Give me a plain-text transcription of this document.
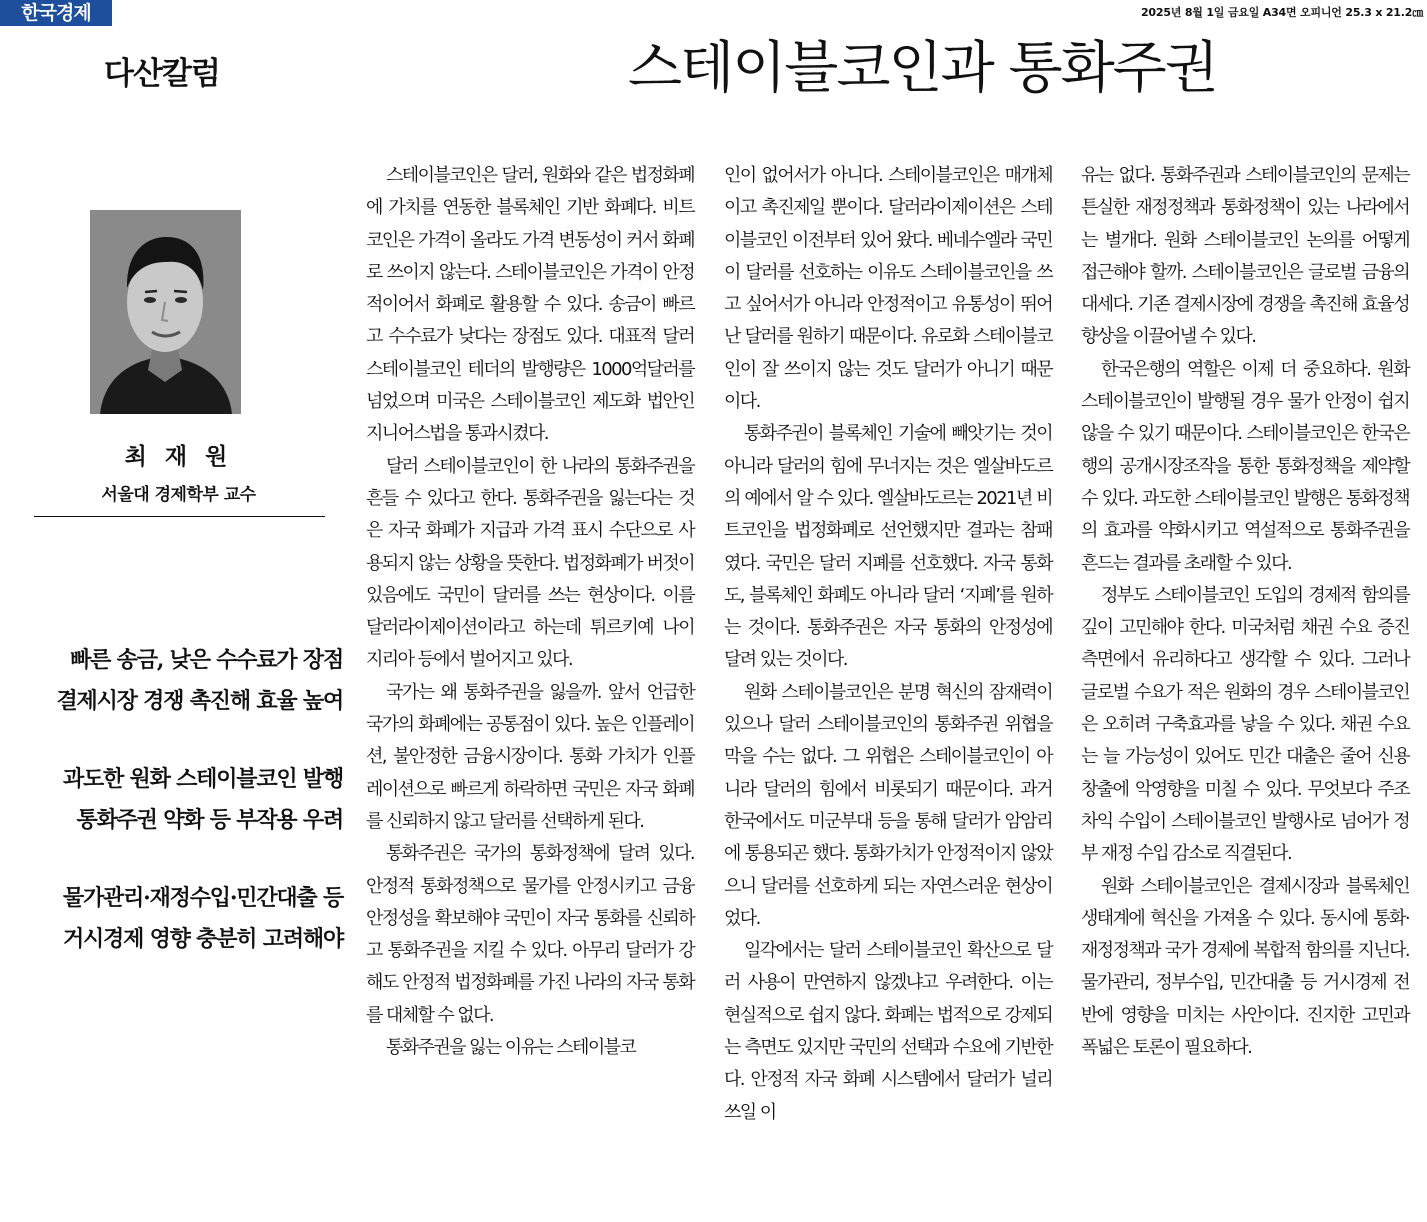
한국경제	2025년 8월 1일 금요일 A34면 오피니언 25.3 x 21.2㎝
다산칼럼	스테이블코인과 통화주권
최 재 원
서울대 경제학부 교수
빠른 송금, 낮은 수수료가 장점
결제시장 경쟁 촉진해 효율 높여
과도한 원화 스테이블코인 발행
통화주권 약화 등 부작용 우려
물가관리·재정수입·민간대출 등
거시경제 영향 충분히 고려해야

스테이블코인은 달러, 원화와 같은 법정화폐에 가치를 연동한 블록체인 기반 화폐다. 비트코인은 가격이 올라도 가격 변동성이 커서 화폐로 쓰이지 않는다. 스테이블코인은 가격이 안정적이어서 화폐로 활용할 수 있다. 송금이 빠르고 수수료가 낮다는 장점도 있다. 대표적 달러 스테이블코인 테더의 발행량은 1000억달러를 넘었으며 미국은 스테이블코인 제도화 법안인 지니어스법을 통과시켰다.

달러 스테이블코인이 한 나라의 통화주권을 흔들 수 있다고 한다. 통화주권을 잃는다는 것은 자국 화폐가 지급과 가격 표시 수단으로 사용되지 않는 상황을 뜻한다. 법정화폐가 버젓이 있음에도 국민이 달러를 쓰는 현상이다. 이를 달러라이제이션이라고 하는데 튀르키예 나이지리아 등에서 벌어지고 있다.

국가는 왜 통화주권을 잃을까. 앞서 언급한 국가의 화폐에는 공통점이 있다. 높은 인플레이션, 불안정한 금융시장이다. 통화 가치가 인플레이션으로 빠르게 하락하면 국민은 자국 화폐를 신뢰하지 않고 달러를 선택하게 된다.

통화주권은 국가의 통화정책에 달려 있다. 안정적 통화정책으로 물가를 안정시키고 금융 안정성을 확보해야 국민이 자국 통화를 신뢰하고 통화주권을 지킬 수 있다. 아무리 달러가 강해도 안정적 법정화폐를 가진 나라의 자국 통화를 대체할 수 없다.

통화주권을 잃는 이유는 스테이블코

인이 없어서가 아니다. 스테이블코인은 매개체이고 촉진제일 뿐이다. 달러라이제이션은 스테이블코인 이전부터 있어 왔다. 베네수엘라 국민이 달러를 선호하는 이유도 스테이블코인을 쓰고 싶어서가 아니라 안정적이고 유통성이 뛰어난 달러를 원하기 때문이다. 유로화 스테이블코인이 잘 쓰이지 않는 것도 달러가 아니기 때문이다.

통화주권이 블록체인 기술에 빼앗기는 것이 아니라 달러의 힘에 무너지는 것은 엘살바도르의 예에서 알 수 있다. 엘살바도르는 2021년 비트코인을 법정화폐로 선언했지만 결과는 참패였다. 국민은 달러 지폐를 선호했다. 자국 통화도, 블록체인 화폐도 아니라 달러 ‘지폐’를 원하는 것이다. 통화주권은 자국 통화의 안정성에 달려 있는 것이다.

원화 스테이블코인은 분명 혁신의 잠재력이 있으나 달러 스테이블코인의 통화주권 위협을 막을 수는 없다. 그 위협은 스테이블코인이 아니라 달러의 힘에서 비롯되기 때문이다. 과거 한국에서도 미군부대 등을 통해 달러가 암암리에 통용되곤 했다. 통화가치가 안정적이지 않았으니 달러를 선호하게 되는 자연스러운 현상이었다.

일각에서는 달러 스테이블코인 확산으로 달러 사용이 만연하지 않겠냐고 우려한다. 이는 현실적으로 쉽지 않다. 화폐는 법적으로 강제되는 측면도 있지만 국민의 선택과 수요에 기반한다. 안정적 자국 화폐 시스템에서 달러가 널리 쓰일 이

유는 없다. 통화주권과 스테이블코인의 문제는 튼실한 재정정책과 통화정책이 있는 나라에서는 별개다. 원화 스테이블코인 논의를 어떻게 접근해야 할까. 스테이블코인은 글로벌 금융의 대세다. 기존 결제시장에 경쟁을 촉진해 효율성 향상을 이끌어낼 수 있다.

한국은행의 역할은 이제 더 중요하다. 원화 스테이블코인이 발행될 경우 물가 안정이 쉽지 않을 수 있기 때문이다. 스테이블코인은 한국은행의 공개시장조작을 통한 통화정책을 제약할 수 있다. 과도한 스테이블코인 발행은 통화정책의 효과를 약화시키고 역설적으로 통화주권을 흔드는 결과를 초래할 수 있다.

정부도 스테이블코인 도입의 경제적 함의를 깊이 고민해야 한다. 미국처럼 채권 수요 증진 측면에서 유리하다고 생각할 수 있다. 그러나 글로벌 수요가 적은 원화의 경우 스테이블코인은 오히려 구축효과를 낳을 수 있다. 채권 수요는 늘 가능성이 있어도 민간 대출은 줄어 신용 창출에 악영향을 미칠 수 있다. 무엇보다 주조차익 수입이 스테이블코인 발행사로 넘어가 정부 재정 수입 감소로 직결된다.

원화 스테이블코인은 결제시장과 블록체인 생태계에 혁신을 가져올 수 있다. 동시에 통화·재정정책과 국가 경제에 복합적 함의를 지닌다. 물가관리, 정부수입, 민간대출 등 거시경제 전반에 영향을 미치는 사안이다. 진지한 고민과 폭넓은 토론이 필요하다.
